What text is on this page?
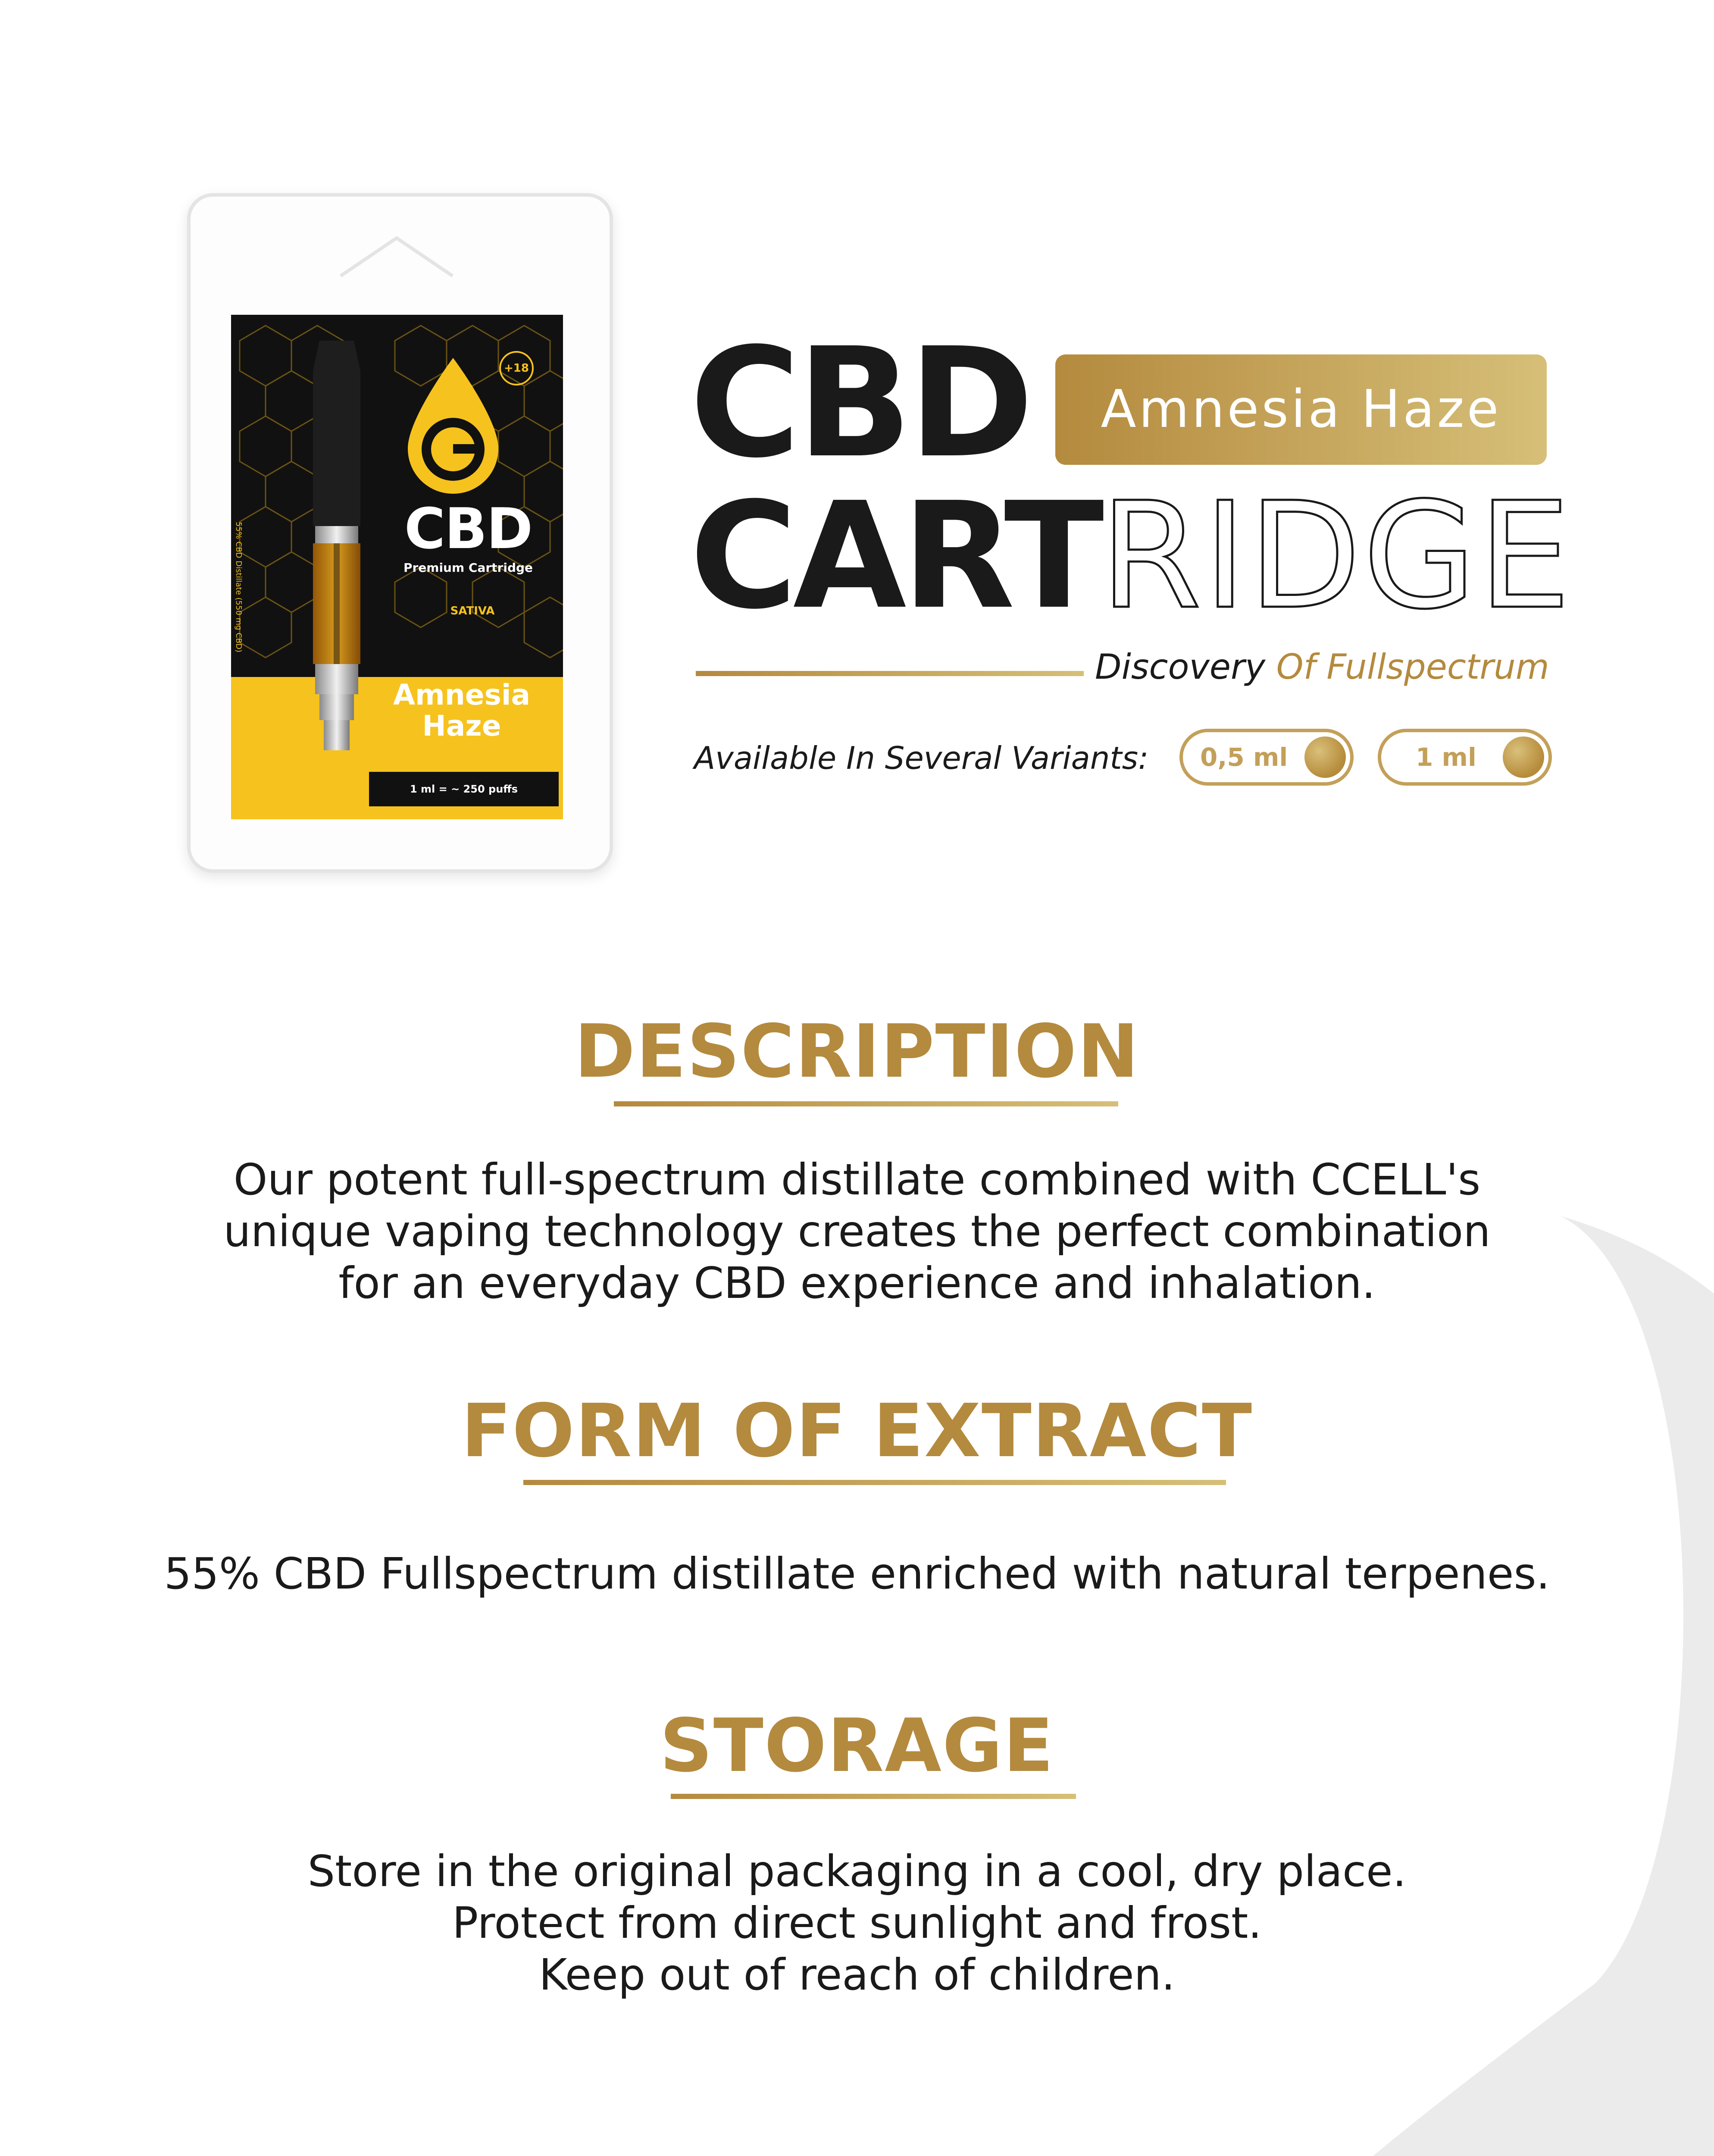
+18
CBD
Premium Cartridge
SATIVA
55% CBD Distillate (550 mg CBD)
Amnesia Haze
1 ml = ~ 250 puffs
CBD	Amnesia Haze
CARTRIDGE
Discovery Of Fullspectrum
Available In Several Variants: 0,5 ml	1 ml
DESCRIPTION
Our potent full-spectrum distillate combined with CCELL's
unique vaping technology creates the perfect combination
for an everyday CBD experience and inhalation.
FORM OF EXTRACT
55% CBD Fullspectrum distillate enriched with natural terpenes.
STORAGE
Store in the original packaging in a cool, dry place.
Protect from direct sunlight and frost.
Keep out of reach of children.
